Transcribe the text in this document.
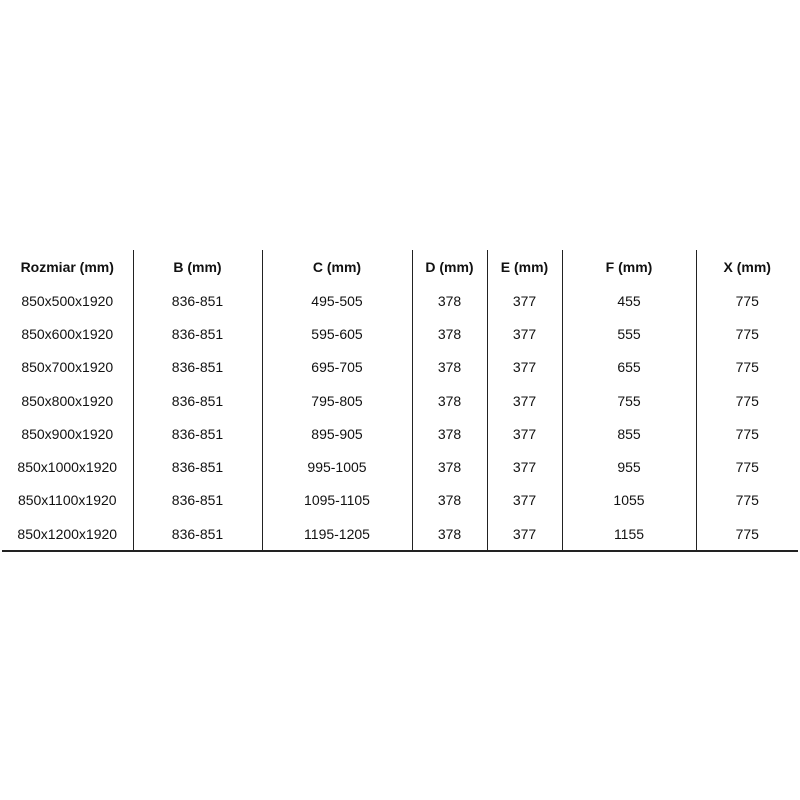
Rozmiar (mm)	B (mm)	C (mm)	D (mm)	E (mm)	F (mm)	X (mm)
850x500x1920	836-851	495-505	378	377	455	775
850x600x1920	836-851	595-605	378	377	555	775
850x700x1920	836-851	695-705	378	377	655	775
850x800x1920	836-851	795-805	378	377	755	775
850x900x1920	836-851	895-905	378	377	855	775
850x1000x1920	836-851	995-1005	378	377	955	775
850x1100x1920	836-851	1095-1105	378	377	1055	775
850x1200x1920	836-851	1195-1205	378	377	1155	775
